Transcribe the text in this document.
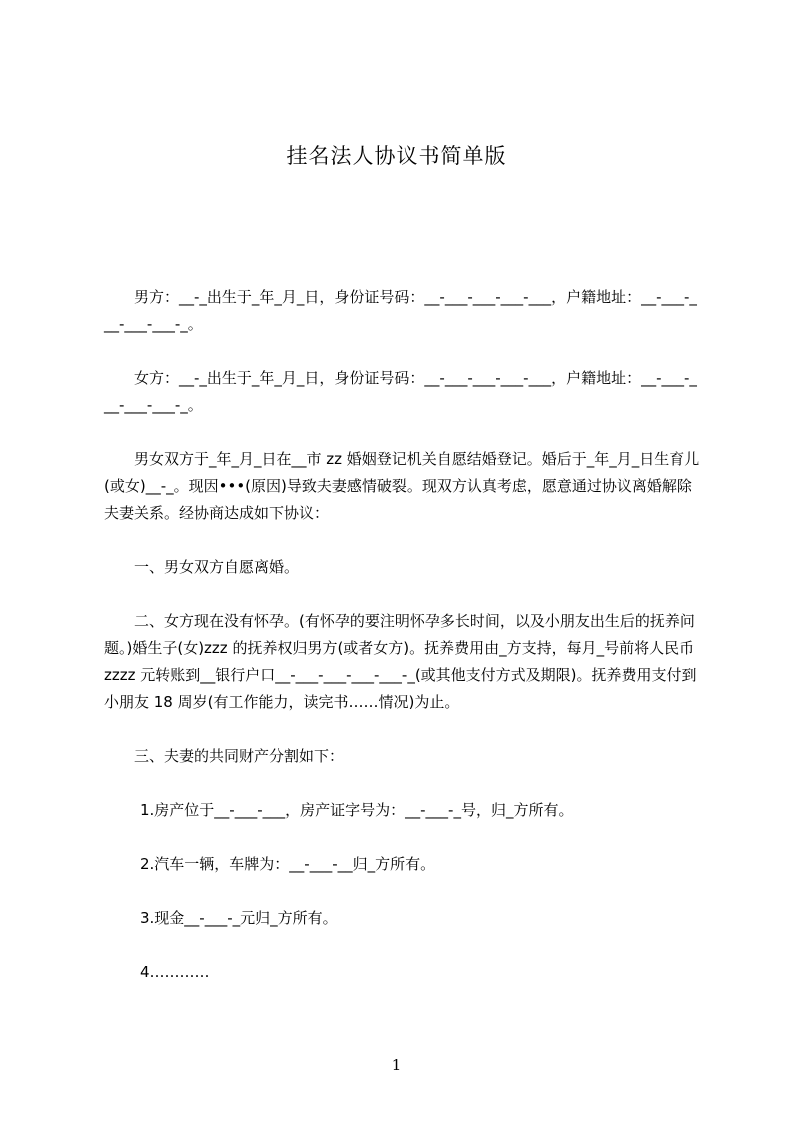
挂名法人协议书简单版

男方：__-_出生于_年_月_日，身份证号码：__-___-___-___-___，户籍地址：__-___-___-___-___-_。

女方：__-_出生于_年_月_日，身份证号码：__-___-___-___-___，户籍地址：__-___-___-___-___-_。

男女双方于_年_月_日在__市 zz 婚姻登记机关自愿结婚登记。婚后于_年_月_日生育儿(或女)__-_。现因•••(原因)导致夫妻感情破裂。现双方认真考虑，愿意通过协议离婚解除夫妻关系。经协商达成如下协议：

一、男女双方自愿离婚。

二、女方现在没有怀孕。(有怀孕的要注明怀孕多长时间，以及小朋友出生后的抚养问题。)婚生子(女)zzz 的抚养权归男方(或者女方)。抚养费用由_方支持，每月_号前将人民币 zzzz 元转账到__银行户口__-___-___-___-___-_(或其他支付方式及期限)。抚养费用支付到小朋友 18 周岁(有工作能力，读完书……情况)为止。

三、夫妻的共同财产分割如下：

1.房产位于__-___-___，房产证字号为：__-___-_号，归_方所有。

2.汽车一辆，车牌为：__-___-__归_方所有。

3.现金__-___-_元归_方所有。

4…………

1
